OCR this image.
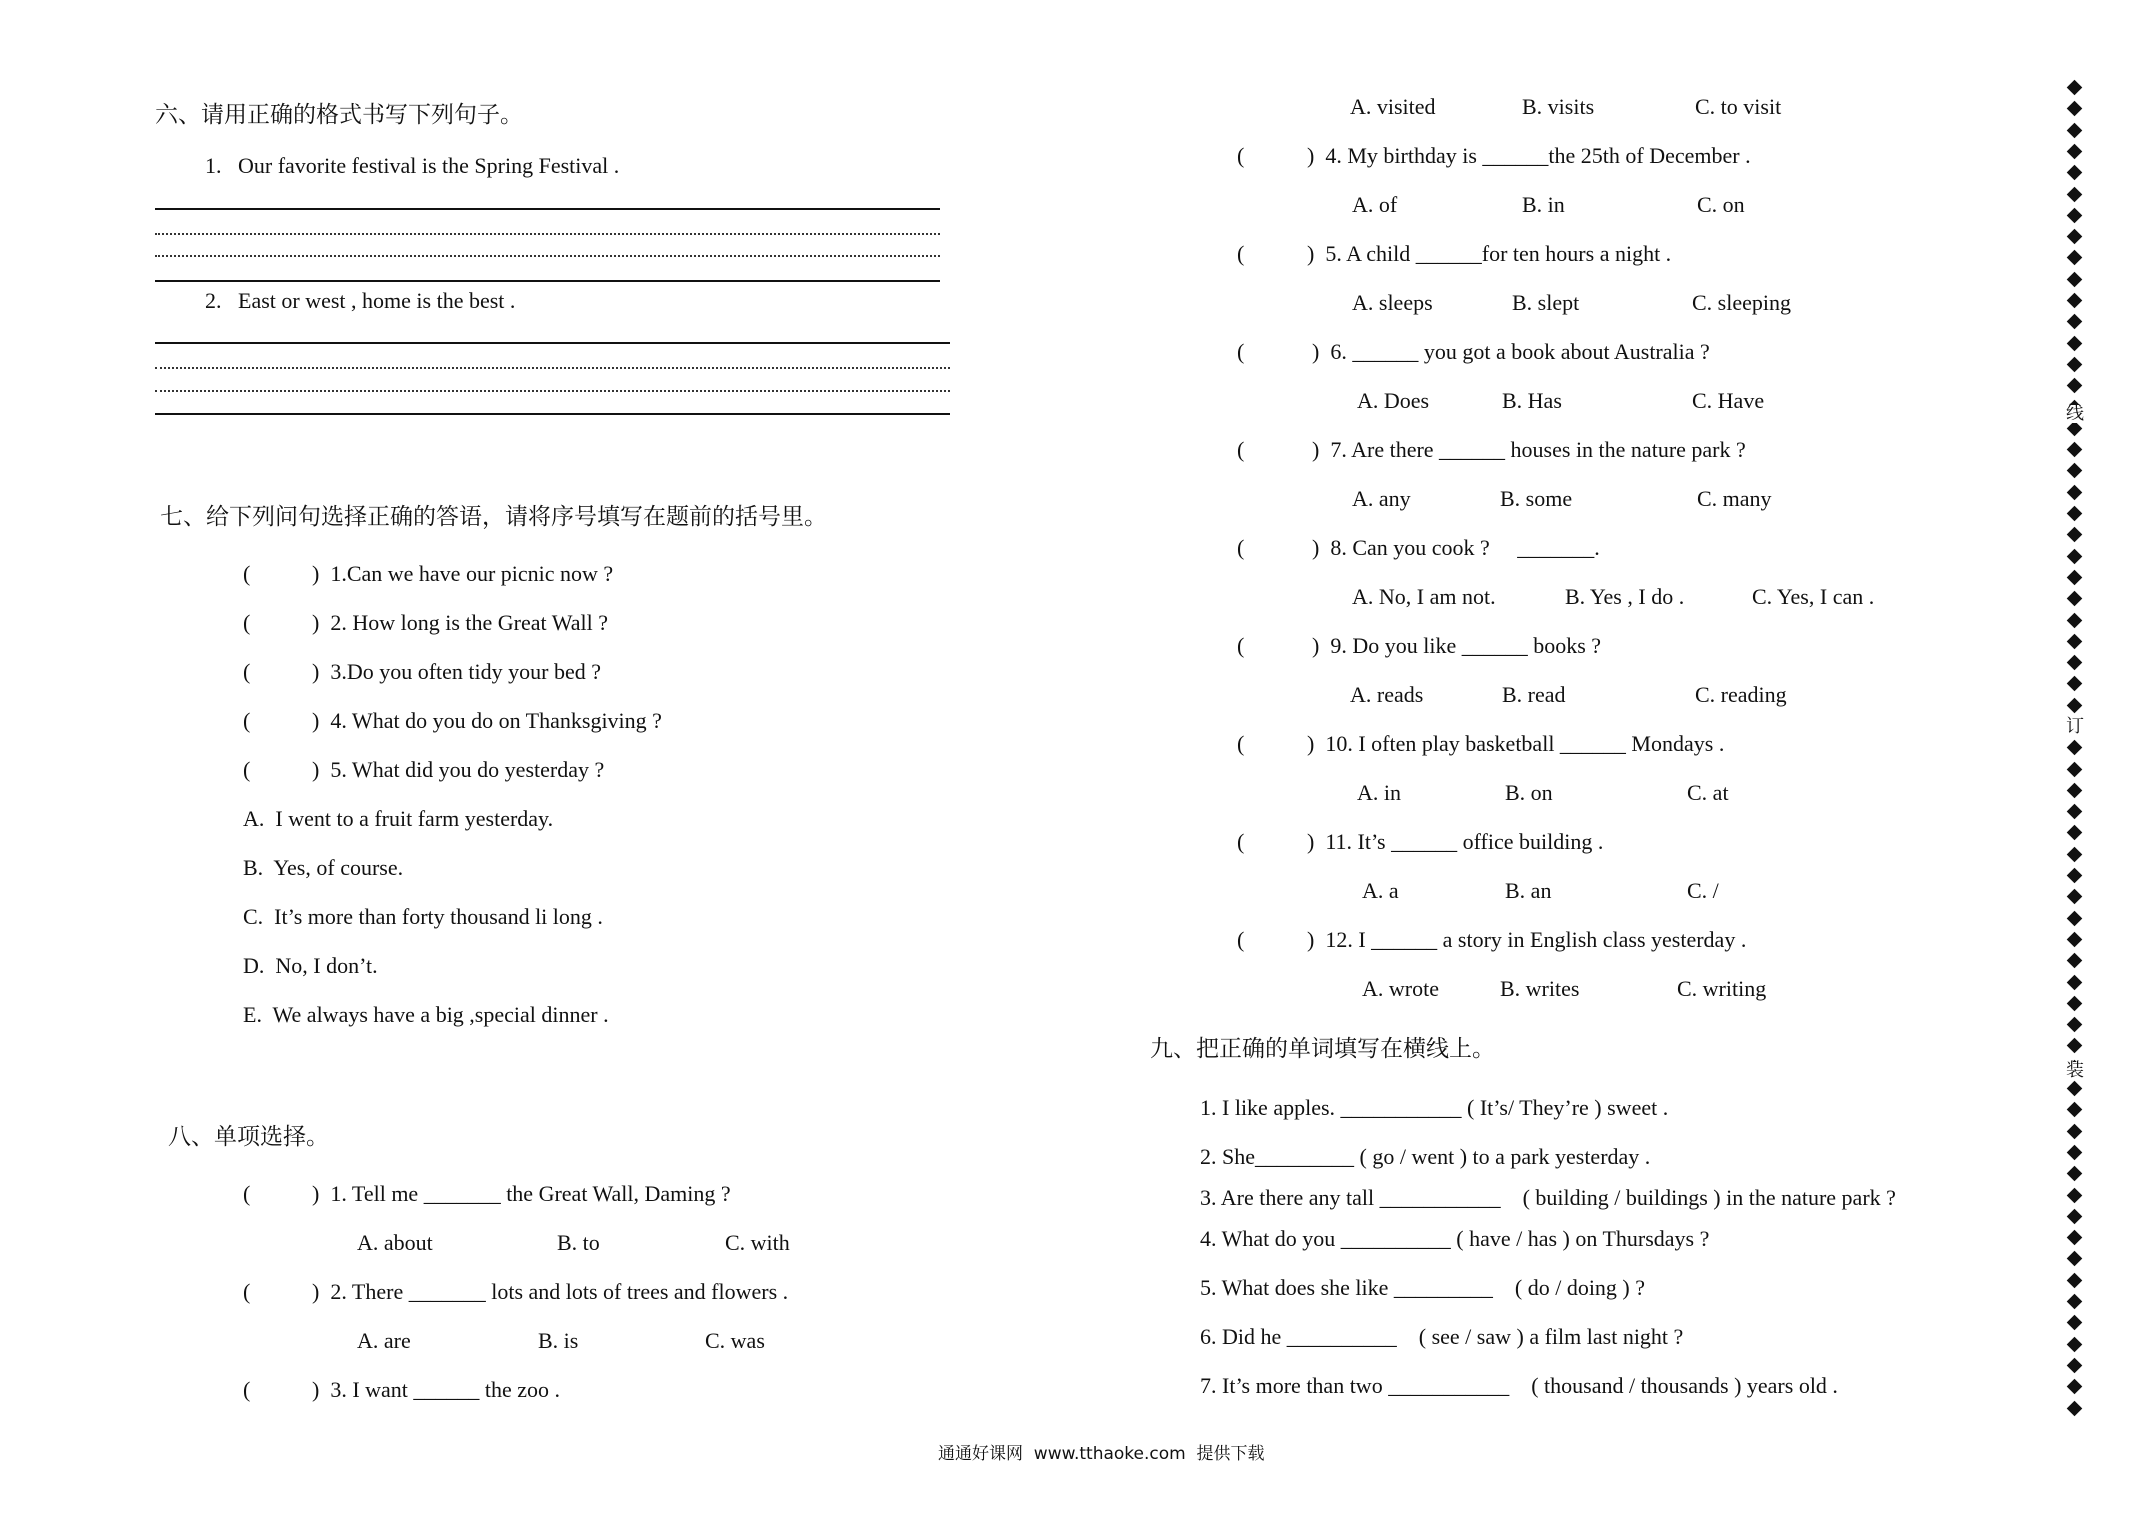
六、请用正确的格式书写下列句子。
1.   Our favorite festival is the Spring Festival .
2.   East or west , home is the best .
七、给下列问句选择正确的答语，请将序号填写在题前的括号里。
(	)  1.Can we have our picnic now ?
(	)  2. How long is the Great Wall ?
(	)  3.Do you often tidy your bed ?
(	)  4. What do you do on Thanksgiving ?
(	)  5. What did you do yesterday ?
A.  I went to a fruit farm yesterday.
B.  Yes, of course.
C.  It’s more than forty thousand li long .
D.  No, I don’t.
E.  We always have a big ,special dinner .
八、单项选择。
(	)  1. Tell me _______ the Great Wall, Daming ?
A. about	B. to	C. with
(	)  2. There _______ lots and lots of trees and flowers .
A. are	B. is	C. was
(	)  3. I want ______ the zoo .
A. visited	B. visits	C. to visit
(	)  4. My birthday is ______the 25th of December .
A. of	B. in	C. on
(	)  5. A child ______for ten hours a night .
A. sleeps	B. slept	C. sleeping
(	)  6. ______ you got a book about Australia ?
A. Does	B. Has	C. Have
(	)  7. Are there ______ houses in the nature park ?
A. any	B. some	C. many
(	)  8. Can you cook ?     _______.
A. No, I am not.	B. Yes , I do .	C. Yes, I can .
(	)  9. Do you like ______ books ?
A. reads	B. read	C. reading
(	)  10. I often play basketball ______ Mondays .
A. in	B. on	C. at
(	)  11. It’s ______ office building .
A. a	B. an	C. /
(	)  12. I ______ a story in English class yesterday .
A. wrote	B. writes	C. writing
九、把正确的单词填写在横线上。
1. I like apples. ___________ ( It’s/ They’re ) sweet .
2. She_________ ( go / went ) to a park yesterday .
3. Are there any tall ___________    ( building / buildings ) in the nature park ?
4. What do you __________ ( have / has ) on Thursdays ?
5. What does she like _________    ( do / doing ) ?
6. Did he __________    ( see / saw ) a film last night ?
7. It’s more than two ___________    ( thousand / thousands ) years old .
线
订
装
通通好课网  www.tthaoke.com  提供下载
